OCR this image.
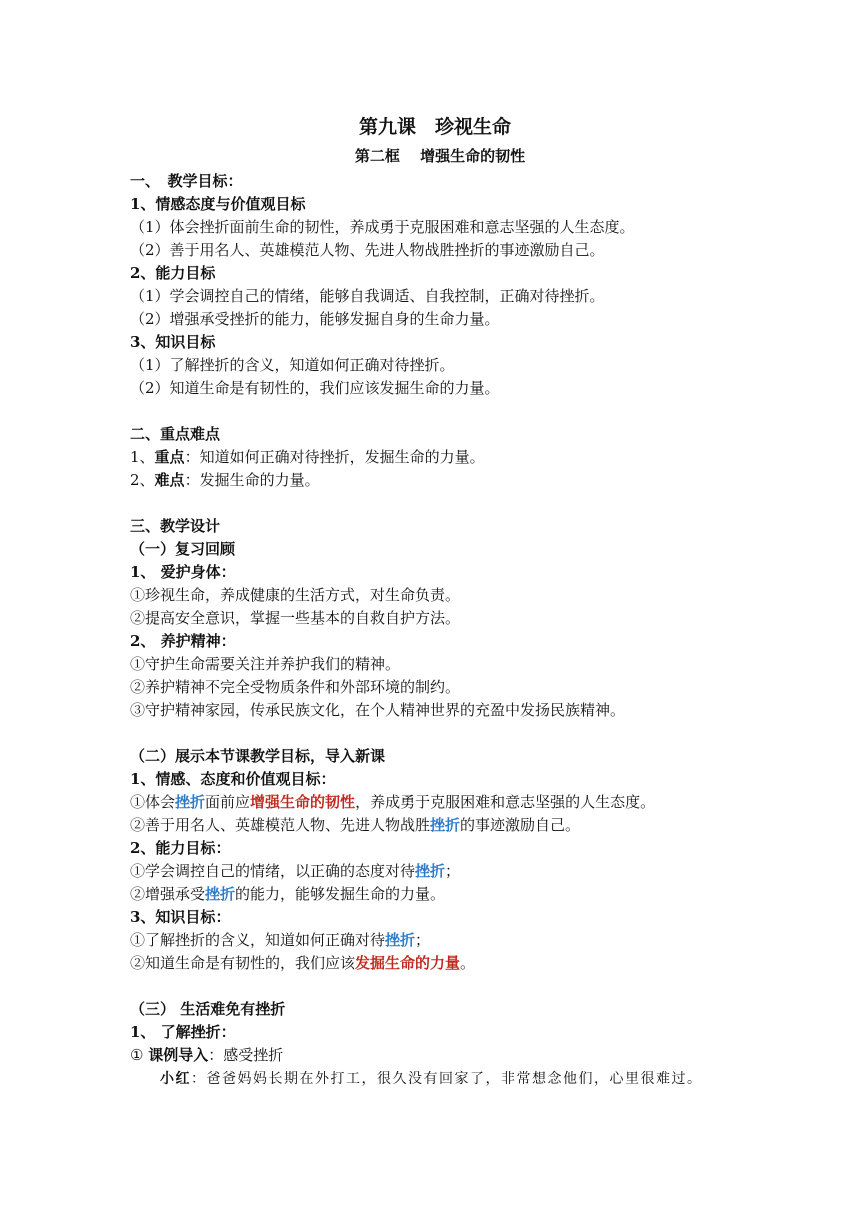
第九课　珍视生命
第二框　 增强生命的韧性
一、　教学目标：
1、情感态度与价值观目标
（1）体会挫折面前生命的韧性，养成勇于克服困难和意志坚强的人生态度。
（2）善于用名人、英雄模范人物、先进人物战胜挫折的事迹激励自己。
2、能力目标
（1）学会调控自己的情绪，能够自我调适、自我控制，正确对待挫折。
（2）增强承受挫折的能力，能够发掘自身的生命力量。
3、知识目标
（1）了解挫折的含义，知道如何正确对待挫折。
（2）知道生命是有韧性的，我们应该发掘生命的力量。
二、重点难点
1、重点：知道如何正确对待挫折，发掘生命的力量。
2、难点：发掘生命的力量。
三、教学设计
（一）复习回顾
1、 爱护身体：
①珍视生命，养成健康的生活方式，对生命负责。
②提高安全意识，掌握一些基本的自救自护方法。
2、 养护精神：
①守护生命需要关注并养护我们的精神。
②养护精神不完全受物质条件和外部环境的制约。
③守护精神家园，传承民族文化，在个人精神世界的充盈中发扬民族精神。
（二）展示本节课教学目标，导入新课
1、情感、态度和价值观目标：
①体会挫折面前应增强生命的韧性，养成勇于克服困难和意志坚强的人生态度。
②善于用名人、英雄模范人物、先进人物战胜挫折的事迹激励自己。
2、能力目标：
①学会调控自己的情绪，以正确的态度对待挫折；
②增强承受挫折的能力，能够发掘生命的力量。
3、知识目标：
①了解挫折的含义，知道如何正确对待挫折；
②知道生命是有韧性的，我们应该发掘生命的力量。
（三） 生活难免有挫折
1、 了解挫折：
① 课例导入：感受挫折
小红：爸爸妈妈长期在外打工，很久没有回家了，非常想念他们，心里很难过。
